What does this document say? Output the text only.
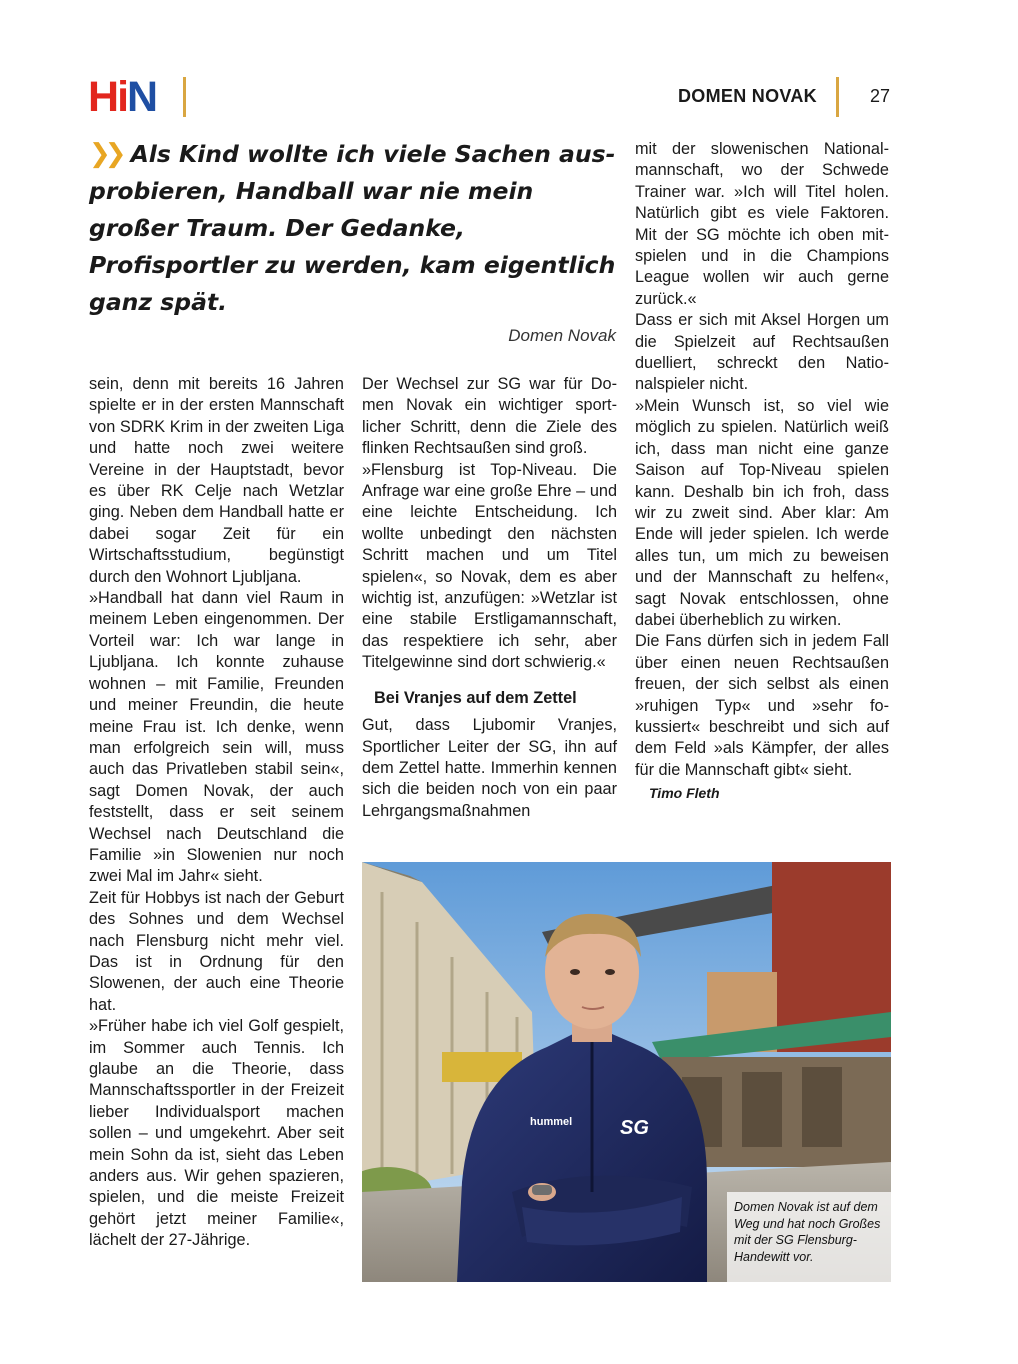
H i N	DOMEN NOVAK	27

❯❯ Als Kind wollte ich viele Sachen ausprobieren, Handball war nie mein großer Traum. Der Gedanke, Profisportler zu werden, kam eigentlich ganz spät.

Domen Novak

sein, denn mit bereits 16 Jahren spielte er in der ersten Mannschaft von SDRK Krim in der zweiten Liga und hatte noch zwei weitere Vereine in der Hauptstadt, bevor es über RK Celje nach Wetzlar ging. Neben dem Handball hatte er dabei sogar Zeit für ein Wirtschaftsstudium, begünstigt durch den Wohnort Ljubljana.

»Handball hat dann viel Raum in meinem Leben eingenommen. Der Vorteil war: Ich war lange in Ljubljana. Ich konnte zuhause wohnen – mit Familie, Freunden und meiner Freundin, die heute meine Frau ist. Ich denke, wenn man erfolgreich sein will, muss auch das Privatleben stabil sein«, sagt Domen Novak, der auch feststellt, dass er seit seinem Wechsel nach Deutschland die Familie »in Slowenien nur noch zwei Mal im Jahr« sieht.

Zeit für Hobbys ist nach der Geburt des Sohnes und dem Wechsel nach Flensburg nicht mehr viel. Das ist in Ordnung für den Slowenen, der auch eine Theorie hat.

»Früher habe ich viel Golf gespielt, im Sommer auch Tennis. Ich glaube an die Theorie, dass Mannschaftssportler in der Freizeit lieber Individualsport machen sollen – und umgekehrt. Aber seit mein Sohn da ist, sieht das Leben anders aus. Wir gehen spazieren, spielen, und die meiste Freizeit gehört jetzt meiner Familie«, lächelt der 27-Jährige.

Der Wechsel zur SG war für Domen Novak ein wichtiger sportlicher Schritt, denn die Ziele des flinken Rechtsaußen sind groß.

»Flensburg ist Top-Niveau. Die Anfrage war eine große Ehre – und eine leichte Entscheidung. Ich wollte unbedingt den nächsten Schritt machen und um Titel spielen«, so Novak, dem es aber wichtig ist, anzufügen: »Wetzlar ist eine stabile Erstligamannschaft, das respektiere ich sehr, aber Titelgewinne sind dort schwierig.«

Bei Vranjes auf dem Zettel

Gut, dass Ljubomir Vranjes, Sportlicher Leiter der SG, ihn auf dem Zettel hatte. Immerhin kennen sich die beiden noch von ein paar Lehrgangsmaßnahmen

mit der slowenischen Nationalmannschaft, wo der Schwede Trainer war. »Ich will Titel holen. Natürlich gibt es viele Faktoren. Mit der SG möchte ich oben mitspielen und in die Champions League wollen wir auch gerne zurück.«

Dass er sich mit Aksel Horgen um die Spielzeit auf Rechtsaußen duelliert, schreckt den Nationalspieler nicht.

»Mein Wunsch ist, so viel wie möglich zu spielen. Natürlich weiß ich, dass man nicht eine ganze Saison auf Top-Niveau spielen kann. Deshalb bin ich froh, dass wir zu zweit sind. Aber klar: Am Ende will jeder spielen. Ich werde alles tun, um mich zu beweisen und der Mannschaft zu helfen«, sagt Novak entschlossen, ohne dabei überheblich zu wirken.

Die Fans dürfen sich in jedem Fall über einen neuen Rechtsaußen freuen, der sich selbst als einen »ruhigen Typ« und »sehr fokussiert« beschreibt und sich auf dem Feld »als Kämpfer, der alles für die Mannschaft gibt« sieht.

Timo Fleth

hummel SG

Domen Novak ist auf dem Weg und hat noch Großes mit der SG Flensburg-Handewitt vor.
